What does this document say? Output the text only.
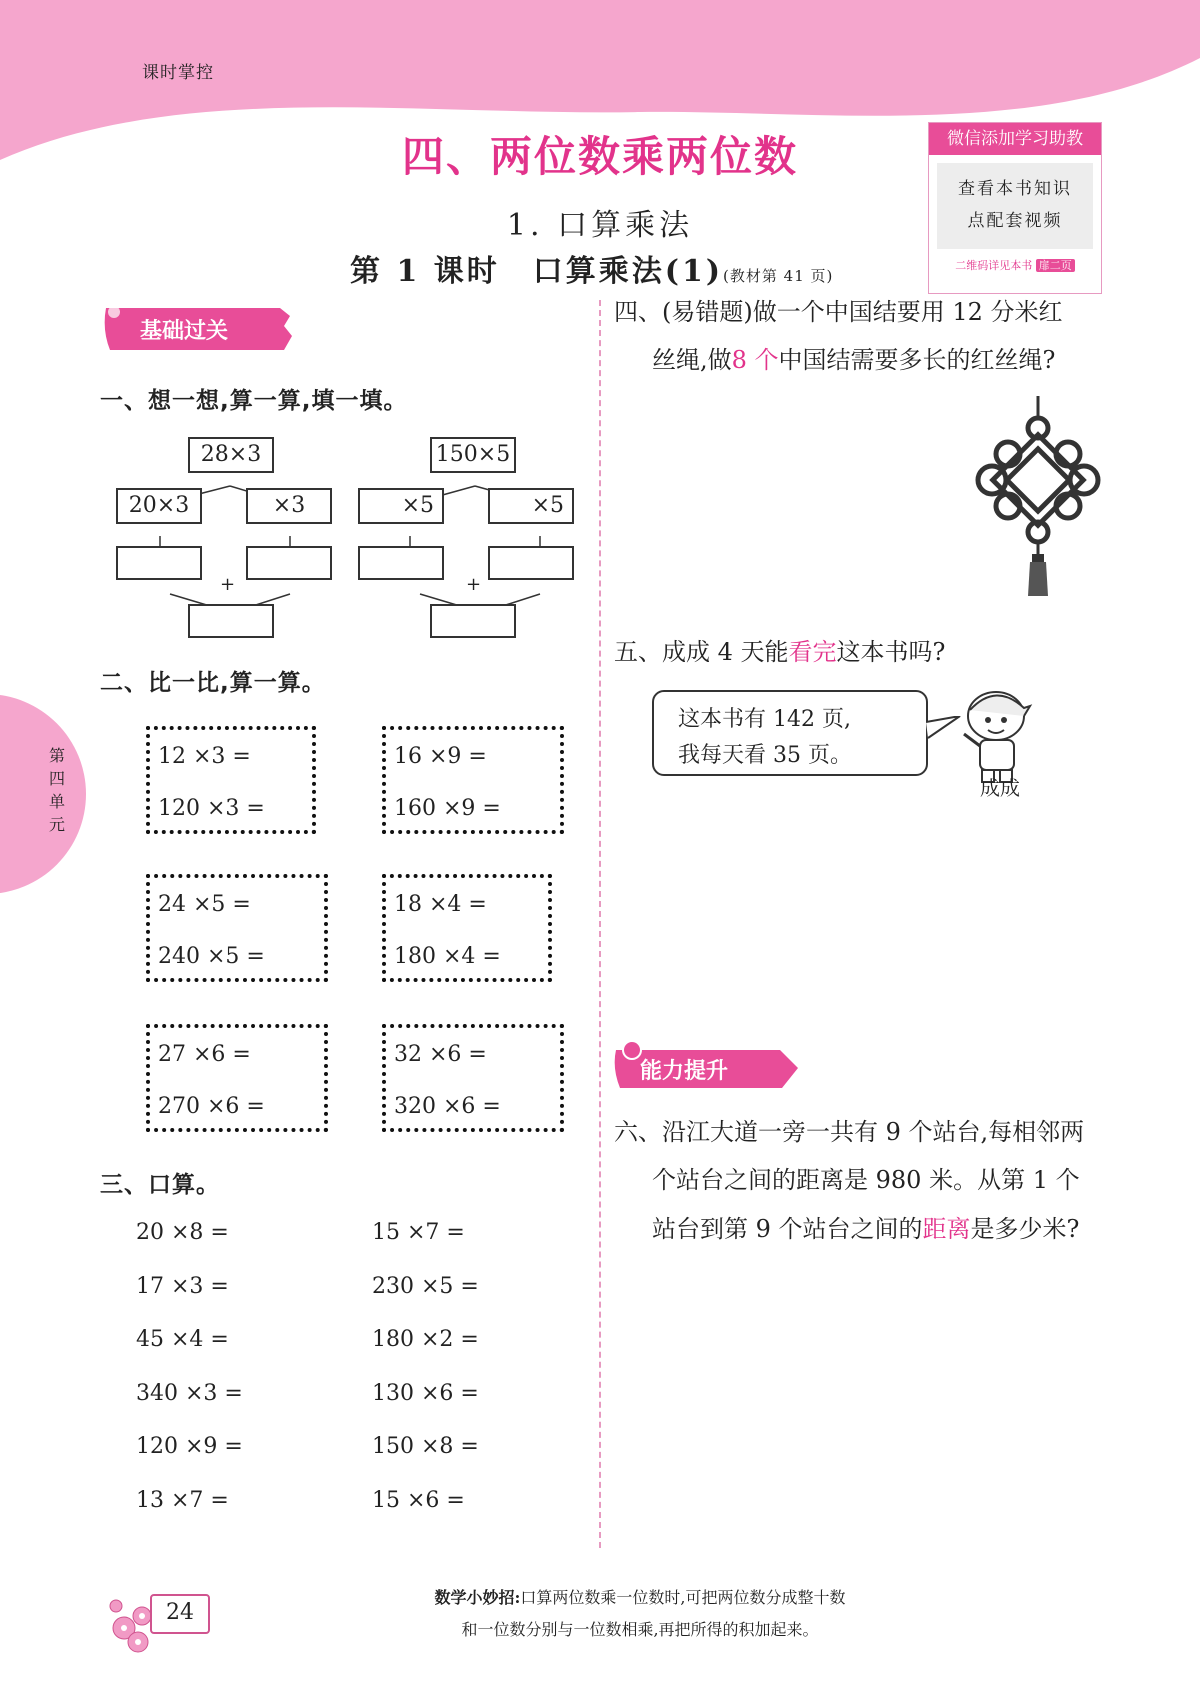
课时掌控
四、两位数乘两位数
1. 口算乘法
第 1 课时　口算乘法(1)(教材第 41 页)
微信添加学习助教
查看本书知识
点配套视频
二维码详见本书 扉二页
第四单元
基础过关
一、想一想,算一算,填一填。
28×3
20×3	×3
+
150×5
×5	×5
+
二、比一比,算一算。
12 ×3 =
120 ×3 =
16 ×9 =
160 ×9 =
24 ×5 =
240 ×5 =
18 ×4 =
180 ×4 =
27 ×6 =
270 ×6 =
32 ×6 =
320 ×6 =
三、口算。
20 ×8 =
17 ×3 =
45 ×4 =
340 ×3 =
120 ×9 =
13 ×7 =
15 ×7 =
230 ×5 =
180 ×2 =
130 ×6 =
150 ×8 =
15 ×6 =
四、(易错题)做一个中国结要用 12 分米红
丝绳,做8 个中国结需要多长的红丝绳?
五、成成 4 天能看完这本书吗?
这本书有 142 页,
我每天看 35 页。
成成
能力提升
六、沿江大道一旁一共有 9 个站台,每相邻两
个站台之间的距离是 980 米。从第 1 个
站台到第 9 个站台之间的距离是多少米?
24
数学小妙招:口算两位数乘一位数时,可把两位数分成整十数
和一位数分别与一位数相乘,再把所得的积加起来。
